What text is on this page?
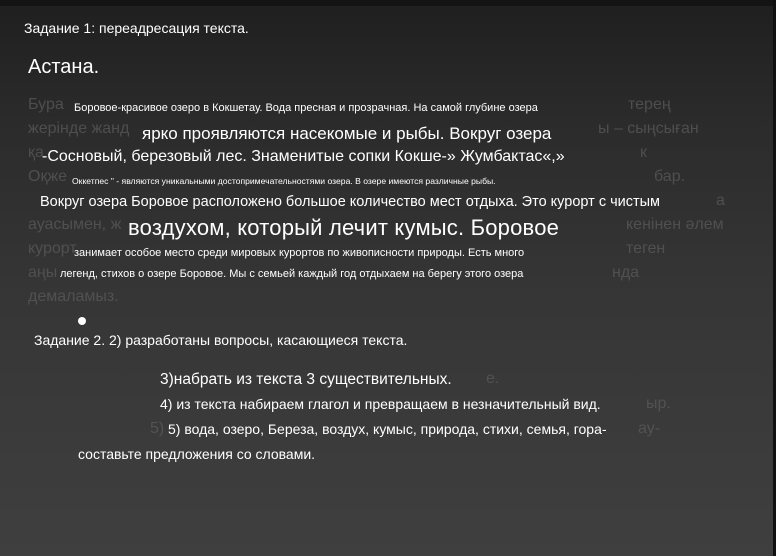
Бура
жерінде жанд
қа
Оқже
ы – сыңсыған
бар.
ауасымен, ж	кенінен әлем
курорт	теген
аңы	нда
демаламыз.
терең
к
а
е.
ыр.
ау-
5)
Задание 1: переадресация текста.
Астана.
Боровое-красивое озеро в Кокшетау. Вода пресная и прозрачная. На самой глубине озера
ярко проявляются насекомые и рыбы. Вокруг озера
-Сосновый, березовый лес. Знаменитые сопки Кокше-» Жумбактас«,»
Оккетпес " - являются уникальными достопримечательностями озера. В озере имеются различные рыбы.
Вокруг озера Боровое расположено большое количество мест отдыха. Это курорт с чистым
воздухом, который лечит кумыс. Боровое
занимает особое место среди мировых курортов по живописности природы. Есть много
легенд, стихов о озере Боровое. Мы с семьей каждый год отдыхаем на берегу этого озера
Задание 2. 2) разработаны вопросы, касающиеся текста.
3)набрать из текста 3 существительных.
4) из текста набираем глагол и превращаем в незначительный вид.
5) вода, озеро, Береза, воздух, кумыс, природа, стихи, семья, гора-
составьте предложения со словами.
